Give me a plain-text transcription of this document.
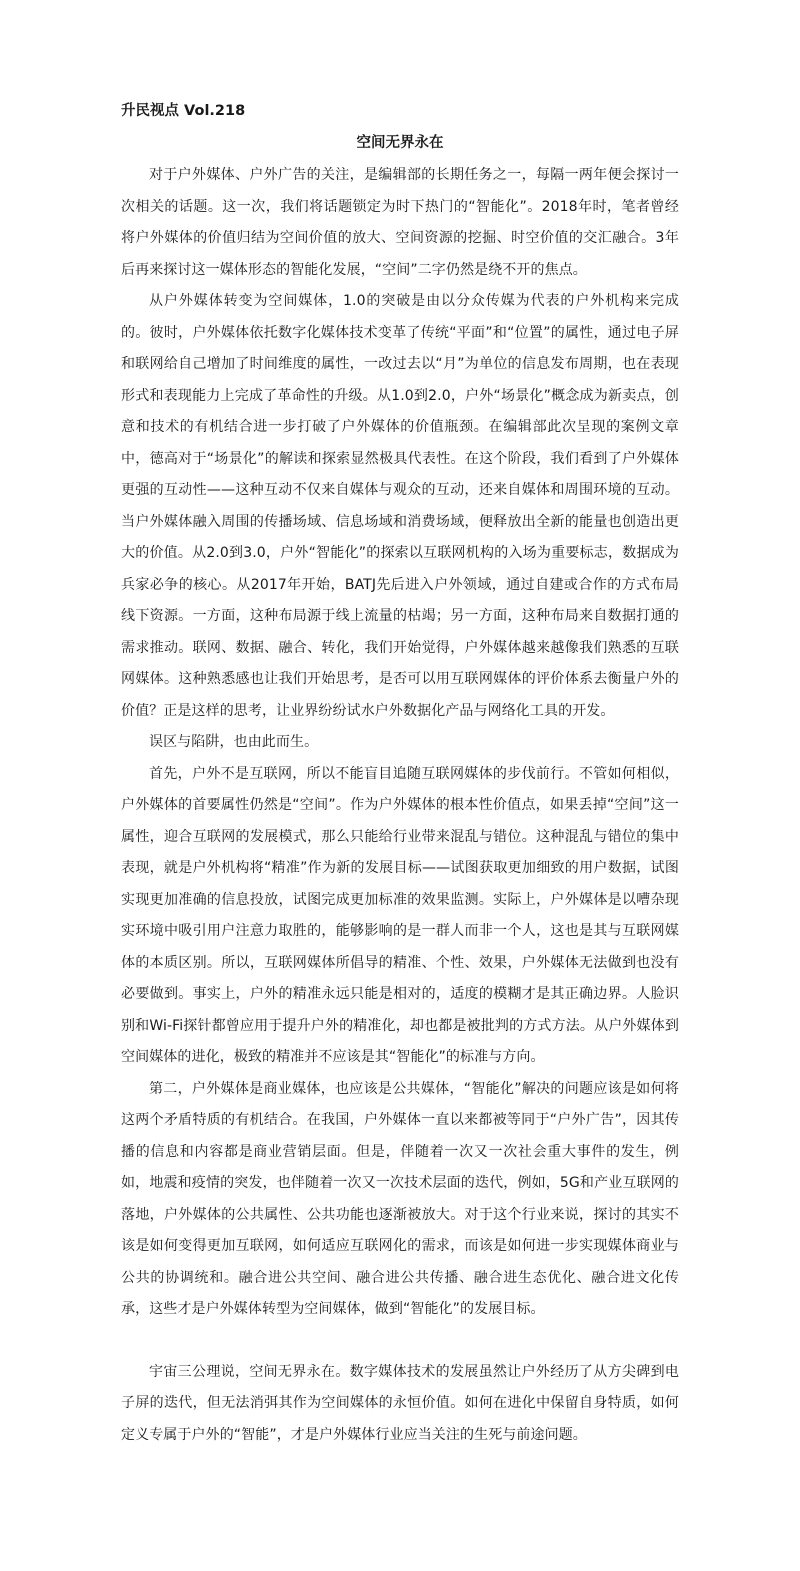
升民视点 Vol.218

空间无界永在

对于户外媒体、户外广告的关注，是编辑部的长期任务之一，每隔一两年便会探讨一次相关的话题。这一次，我们将话题锁定为时下热门的“智能化”。2018年时，笔者曾经将户外媒体的价值归结为空间价值的放大、空间资源的挖掘、时空价值的交汇融合。3年后再来探讨这一媒体形态的智能化发展，“空间”二字仍然是绕不开的焦点。

从户外媒体转变为空间媒体，1.0的突破是由以分众传媒为代表的户外机构来完成的。彼时，户外媒体依托数字化媒体技术变革了传统“平面”和“位置”的属性，通过电子屏和联网给自己增加了时间维度的属性，一改过去以“月”为单位的信息发布周期，也在表现形式和表现能力上完成了革命性的升级。从1.0到2.0，户外“场景化”概念成为新卖点，创意和技术的有机结合进一步打破了户外媒体的价值瓶颈。在编辑部此次呈现的案例文章中，德高对于“场景化”的解读和探索显然极具代表性。在这个阶段，我们看到了户外媒体更强的互动性——这种互动不仅来自媒体与观众的互动，还来自媒体和周围环境的互动。当户外媒体融入周围的传播场域、信息场域和消费场域，便释放出全新的能量也创造出更大的价值。从2.0到3.0，户外“智能化”的探索以互联网机构的入场为重要标志，数据成为兵家必争的核心。从2017年开始，BATJ先后进入户外领域，通过自建或合作的方式布局线下资源。一方面，这种布局源于线上流量的枯竭；另一方面，这种布局来自数据打通的需求推动。联网、数据、融合、转化，我们开始觉得，户外媒体越来越像我们熟悉的互联网媒体。这种熟悉感也让我们开始思考，是否可以用互联网媒体的评价体系去衡量户外的价值？正是这样的思考，让业界纷纷试水户外数据化产品与网络化工具的开发。

误区与陷阱，也由此而生。

首先，户外不是互联网，所以不能盲目追随互联网媒体的步伐前行。不管如何相似，户外媒体的首要属性仍然是“空间”。作为户外媒体的根本性价值点，如果丢掉“空间”这一属性，迎合互联网的发展模式，那么只能给行业带来混乱与错位。这种混乱与错位的集中表现，就是户外机构将“精准”作为新的发展目标——试图获取更加细致的用户数据，试图实现更加准确的信息投放，试图完成更加标准的效果监测。实际上，户外媒体是以嘈杂现实环境中吸引用户注意力取胜的，能够影响的是一群人而非一个人，这也是其与互联网媒体的本质区别。所以，互联网媒体所倡导的精准、个性、效果，户外媒体无法做到也没有必要做到。事实上，户外的精准永远只能是相对的，适度的模糊才是其正确边界。人脸识别和Wi-Fi探针都曾应用于提升户外的精准化，却也都是被批判的方式方法。从户外媒体到空间媒体的进化，极致的精准并不应该是其“智能化”的标准与方向。

第二，户外媒体是商业媒体，也应该是公共媒体，“智能化”解决的问题应该是如何将这两个矛盾特质的有机结合。在我国，户外媒体一直以来都被等同于“户外广告”，因其传播的信息和内容都是商业营销层面。但是，伴随着一次又一次社会重大事件的发生，例如，地震和疫情的突发，也伴随着一次又一次技术层面的迭代，例如，5G和产业互联网的落地，户外媒体的公共属性、公共功能也逐渐被放大。对于这个行业来说，探讨的其实不该是如何变得更加互联网，如何适应互联网化的需求，而该是如何进一步实现媒体商业与公共的协调统和。融合进公共空间、融合进公共传播、融合进生态优化、融合进文化传承，这些才是户外媒体转型为空间媒体，做到“智能化”的发展目标。

宇宙三公理说，空间无界永在。数字媒体技术的发展虽然让户外经历了从方尖碑到电子屏的迭代，但无法消弭其作为空间媒体的永恒价值。如何在进化中保留自身特质，如何定义专属于户外的“智能”，才是户外媒体行业应当关注的生死与前途问题。
